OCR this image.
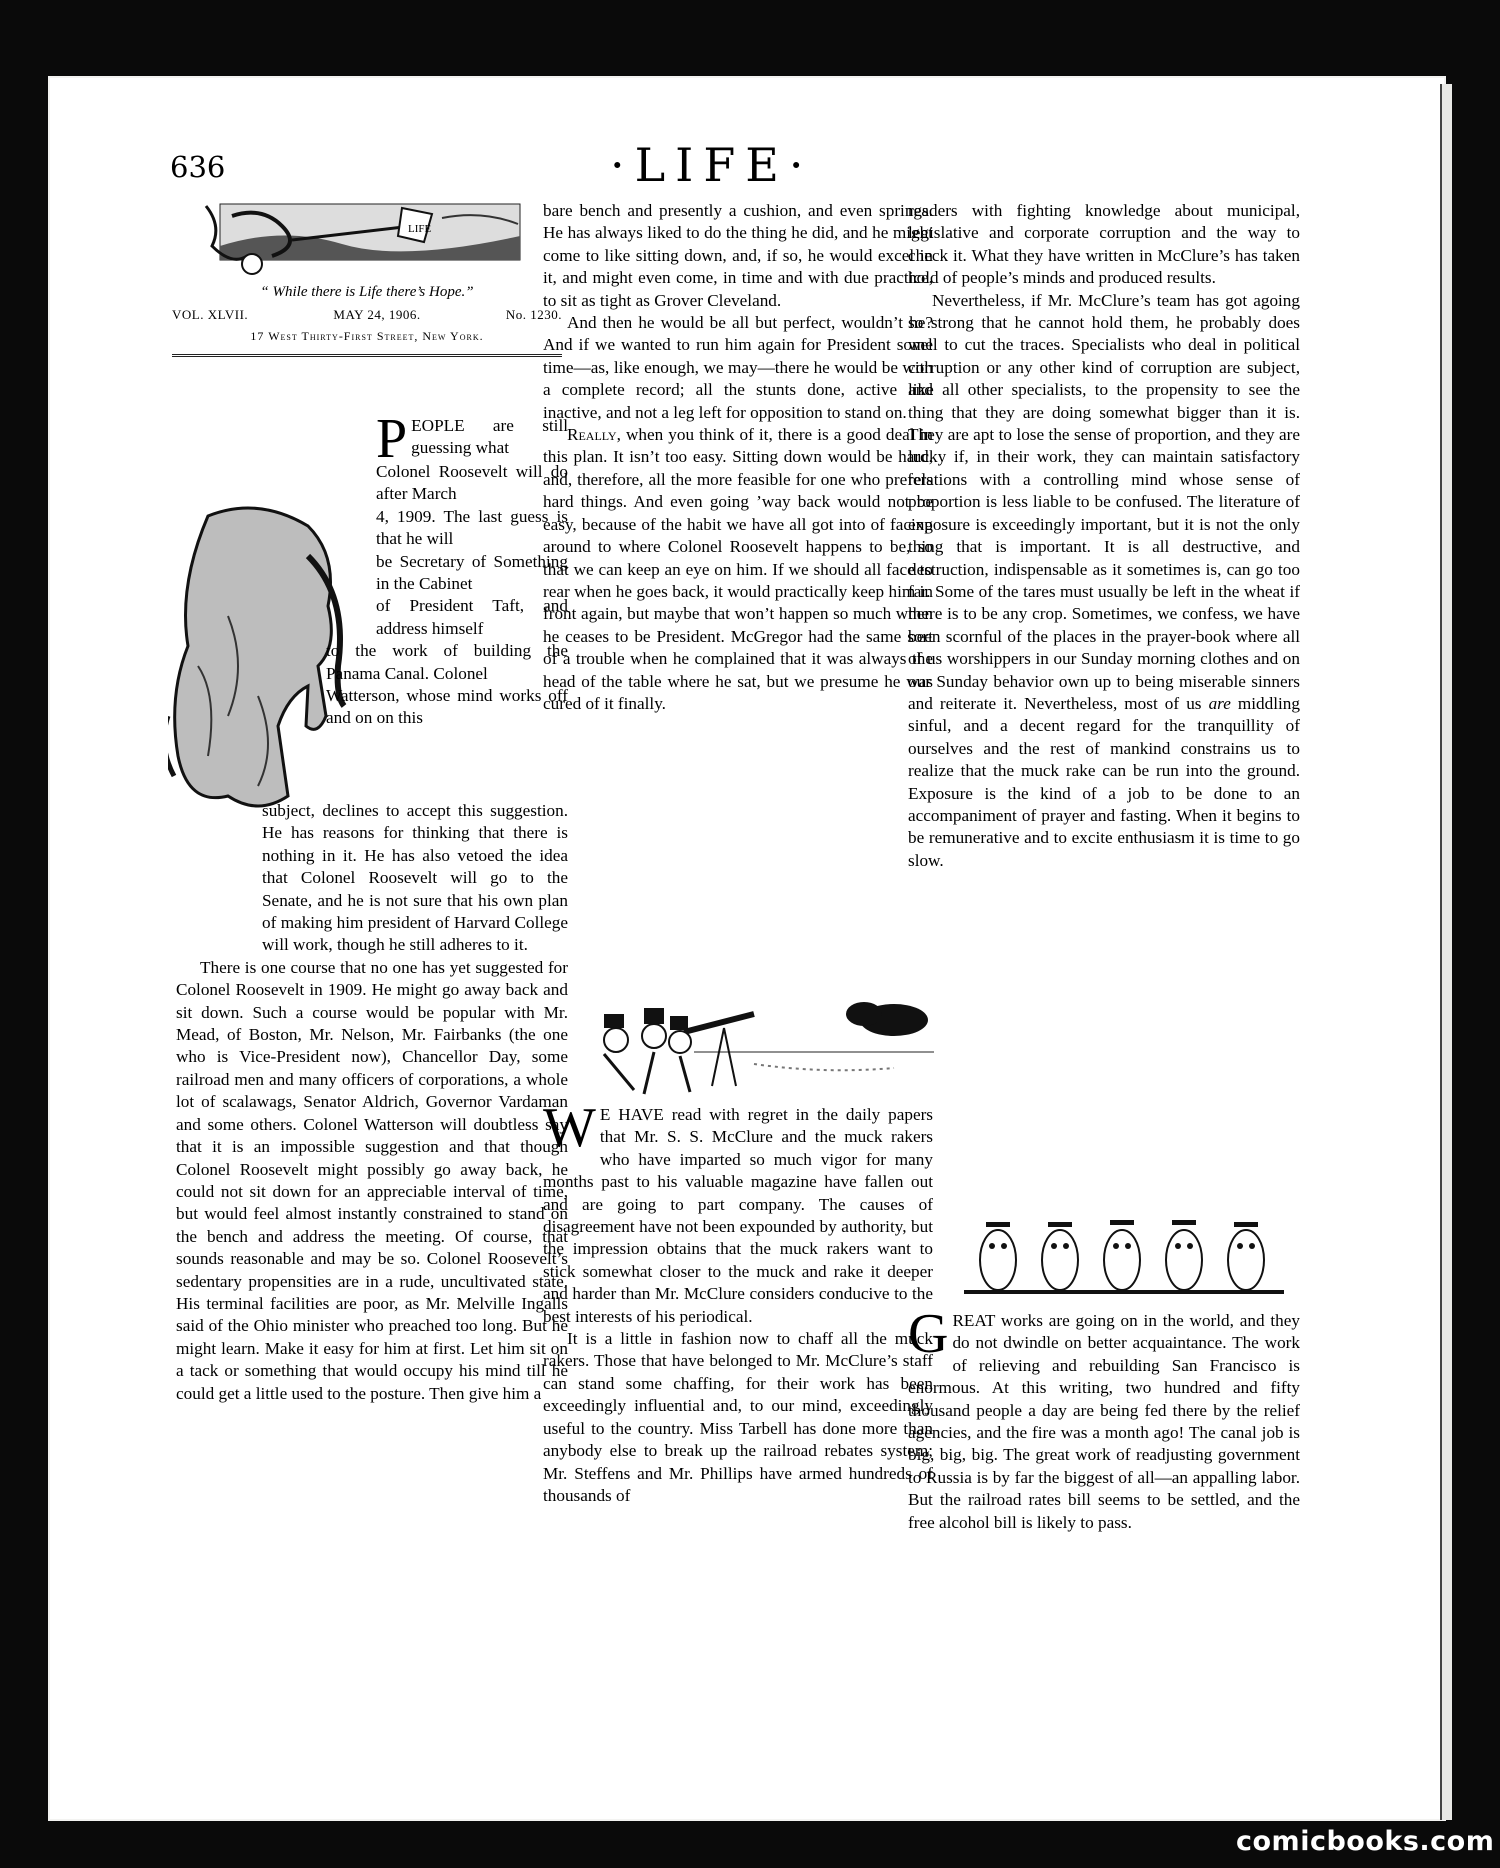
636	·LIFE·
LIFE
“ While there is Life there’s Hope.”
VOL. XLVII.	MAY 24, 1906.	No. 1230.
17 West Thirty-First Street, New York.
PEOPLE are still guessing what
Colonel Roosevelt will do after March
4, 1909. The last guess is that he will
be Secretary of Something in the Cabinet
of President Taft, and address himself
to the work of building the Panama Canal. Colonel
Watterson, whose mind works off and on on this

subject, declines to accept this suggestion. He has reasons for thinking that there is nothing in it. He has also vetoed the idea that Colonel Roosevelt will go to the Senate, and he is not sure that his own plan of making him president of Harvard College will work, though he still adheres to it.

There is one course that no one has yet suggested for Colonel Roosevelt in 1909. He might go away back and sit down. Such a course would be popular with Mr. Mead, of Boston, Mr. Nelson, Mr. Fairbanks (the one who is Vice-President now), Chancellor Day, some railroad men and many officers of corporations, a whole lot of scalawags, Senator Aldrich, Governor Vardaman and some others. Colonel Watterson will doubtless say that it is an impossible suggestion and that though Colonel Roosevelt might possibly go away back, he could not sit down for an appreciable interval of time, but would feel almost instantly constrained to stand on the bench and address the meeting. Of course, that sounds reasonable and may be so. Colonel Roosevelt’s sedentary propensities are in a rude, uncultivated state. His terminal facilities are poor, as Mr. Melville Ingalls said of the Ohio minister who preached too long. But he might learn. Make it easy for him at first. Let him sit on a tack or something that would occupy his mind till he could get a little used to the posture. Then give him a

bare bench and presently a cushion, and even springs. He has always liked to do the thing he did, and he might come to like sitting down, and, if so, he would excel in it, and might even come, in time and with due practice, to sit as tight as Grover Cleveland.

And then he would be all but perfect, wouldn’t he? And if we wanted to run him again for President some time—as, like enough, we may—there he would be with a complete record; all the stunts done, active and inactive, and not a leg left for opposition to stand on.

Really, when you think of it, there is a good deal in this plan. It isn’t too easy. Sitting down would be hard, and, therefore, all the more feasible for one who prefers hard things. And even going ’way back would not be easy, because of the habit we have all got into of facing around to where Colonel Roosevelt happens to be, so that we can keep an eye on him. If we should all face to rear when he goes back, it would practically keep him in front again, but maybe that won’t happen so much when he ceases to be President. McGregor had the same sort of a trouble when he complained that it was always the head of the table where he sat, but we presume he was cured of it finally.

W E HAVE read with regret in the daily papers that Mr. S. S. McClure and the muck rakers who have imparted so much vigor for many months past to his valuable magazine have fallen out and are going to part company. The causes of disagreement have not been expounded by authority, but the impression obtains that the muck rakers want to stick somewhat closer to the muck and rake it deeper and harder than Mr. McClure considers conducive to the best interests of his periodical.

It is a little in fashion now to chaff all the muck rakers. Those that have belonged to Mr. McClure’s staff can stand some chaffing, for their work has been exceedingly influential and, to our mind, exceedingly useful to the country. Miss Tarbell has done more than anybody else to break up the railroad rebates system; Mr. Steffens and Mr. Phillips have armed hundreds of thousands of

readers with fighting knowledge about municipal, legislative and corporate corruption and the way to check it. What they have written in McClure’s has taken hold of people’s minds and produced results.

Nevertheless, if Mr. McClure’s team has got agoing so strong that he cannot hold them, he probably does well to cut the traces. Specialists who deal in political corruption or any other kind of corruption are subject, like all other specialists, to the propensity to see the thing that they are doing somewhat bigger than it is. They are apt to lose the sense of proportion, and they are lucky if, in their work, they can maintain satisfactory relations with a controlling mind whose sense of proportion is less liable to be confused. The literature of exposure is exceedingly important, but it is not the only thing that is important. It is all destructive, and destruction, indispensable as it sometimes is, can go too far. Some of the tares must usually be left in the wheat if there is to be any crop. Sometimes, we confess, we have been scornful of the places in the prayer-book where all of us worshippers in our Sunday morning clothes and on our Sunday behavior own up to being miserable sinners and reiterate it. Nevertheless, most of us are middling sinful, and a decent regard for the tranquillity of ourselves and the rest of mankind constrains us to realize that the muck rake can be run into the ground. Exposure is the kind of a job to be done to an accompaniment of prayer and fasting. When it begins to be remunerative and to excite enthusiasm it is time to go slow.

GREAT works are going on in the world, and they do not dwindle on better acquaintance. The work of relieving and rebuilding San Francisco is enormous. At this writing, two hundred and fifty thousand people a day are being fed there by the relief agencies, and the fire was a month ago! The canal job is big, big, big. The great work of readjusting government to Russia is by far the biggest of all—an appalling labor. But the railroad rates bill seems to be settled, and the free alcohol bill is likely to pass.

comicbooks.com
